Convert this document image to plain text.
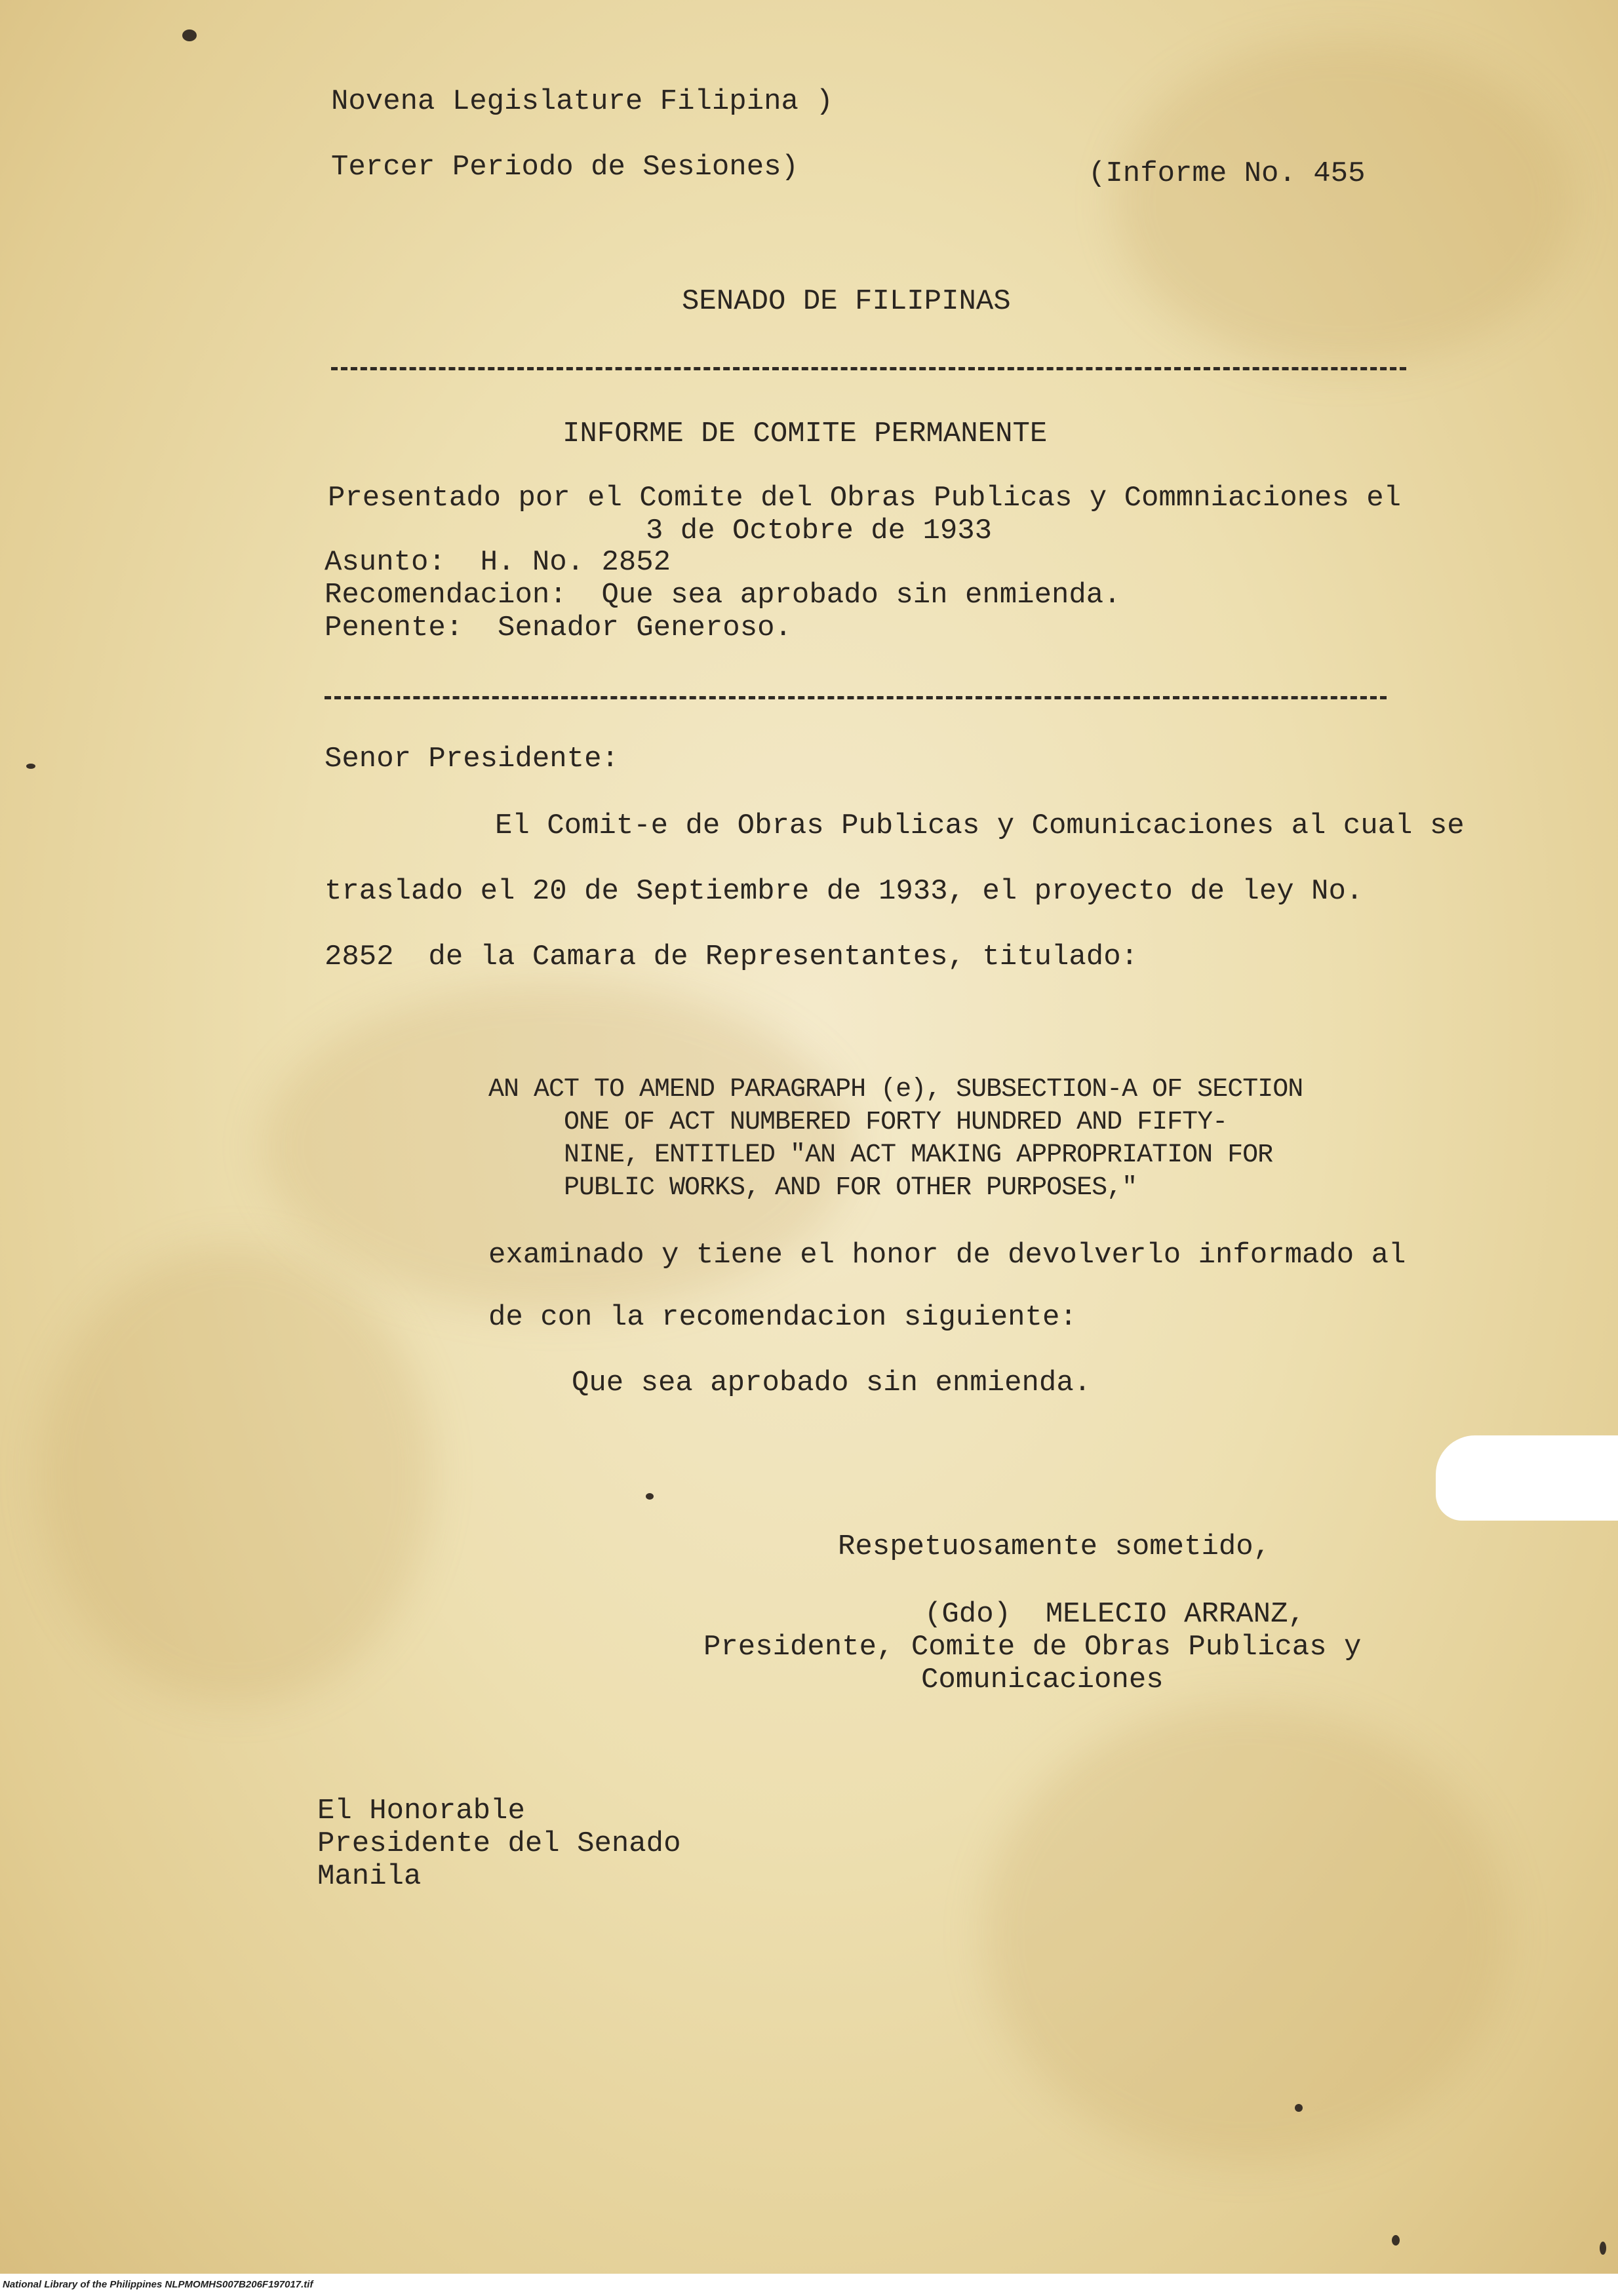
Novena Legislature Filipina )
Tercer Periodo de Sesiones)	(Informe No. 455
SENADO DE FILIPINAS
INFORME DE COMITE PERMANENTE
Presentado por el Comite del Obras Publicas y Commniaciones el
3 de Octobre de 1933
Asunto:  H. No. 2852
Recomendacion:  Que sea aprobado sin enmienda.
Penente:  Senador Generoso.
Senor Presidente:
El Comit-e de Obras Publicas y Comunicaciones al cual se
traslado el 20 de Septiembre de 1933, el proyecto de ley No.
2852  de la Camara de Representantes, titulado:
AN ACT TO AMEND PARAGRAPH (e), SUBSECTION-A OF SECTION
ONE OF ACT NUMBERED FORTY HUNDRED AND FIFTY-
NINE, ENTITLED "AN ACT MAKING APPROPRIATION FOR
PUBLIC WORKS, AND FOR OTHER PURPOSES,"
examinado y tiene el honor de devolverlo informado al
de con la recomendacion siguiente:
Que sea aprobado sin enmienda.
Respetuosamente sometido,
(Gdo)  MELECIO ARRANZ,
Presidente, Comite de Obras Publicas y
Comunicaciones
El Honorable
Presidente del Senado
Manila
National Library of the Philippines NLPMOMHS007B206F197017.tif
